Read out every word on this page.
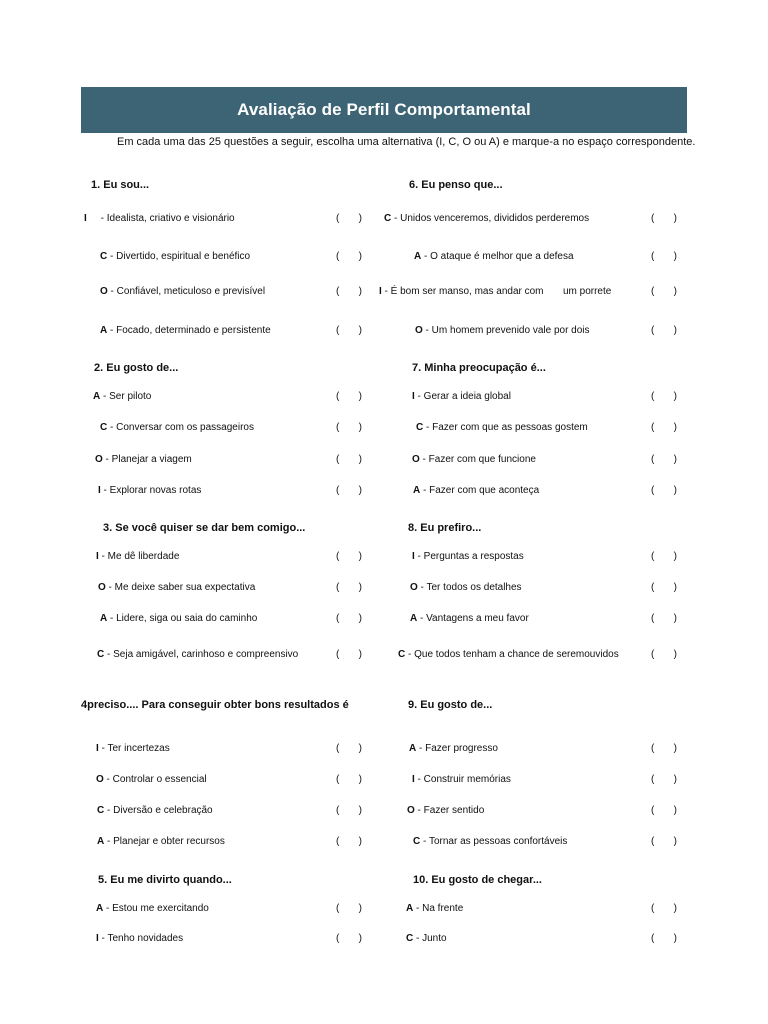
Avaliação de Perfil Comportamental
Em cada uma das 25 questões a seguir, escolha uma alternativa (I, C, O ou A) e marque-a no espaço correspondente.
1. Eu sou...
I     - Idealista, criativo e visionário	( )
C - Divertido, espiritual e benéfico	( )
O - Confiável, meticuloso e previsível	( )
A - Focado, determinado e persistente	( )
2. Eu gosto de...
A - Ser piloto	( )
C - Conversar com os passageiros	( )
O - Planejar a viagem	( )
I - Explorar novas rotas	( )
3. Se você quiser se dar bem comigo...
I - Me dê liberdade	( )
O - Me deixe saber sua expectativa	( )
A - Lidere, siga ou saia do caminho	( )
C - Seja amigável, carinhoso e compreensivo	( )
4preciso.... Para conseguir obter bons resultados é
I - Ter incertezas	( )
O - Controlar o essencial	( )
C - Diversão e celebração	( )
A - Planejar e obter recursos	( )
5. Eu me divirto quando...
A - Estou me exercitando	( )
I - Tenho novidades	( )
6. Eu penso que...
C - Unidos venceremos, divididos perderemos	( )
A - O ataque é melhor que a defesa	( )
I - É bom ser manso, mas andar com       um porrete	( )
O - Um homem prevenido vale por dois	( )
7. Minha preocupação é...
I - Gerar a ideia global	( )
C - Fazer com que as pessoas gostem	( )
O - Fazer com que funcione	( )
A - Fazer com que aconteça	( )
8. Eu prefiro...
I - Perguntas a respostas	( )
O - Ter todos os detalhes	( )
A - Vantagens a meu favor	( )
C - Que todos tenham a chance de seremouvidos	( )
9. Eu gosto de...
A - Fazer progresso	( )
I - Construir memórias	( )
O - Fazer sentido	( )
C - Tornar as pessoas confortáveis	( )
10. Eu gosto de chegar...
A - Na frente	( )
C - Junto	( )
